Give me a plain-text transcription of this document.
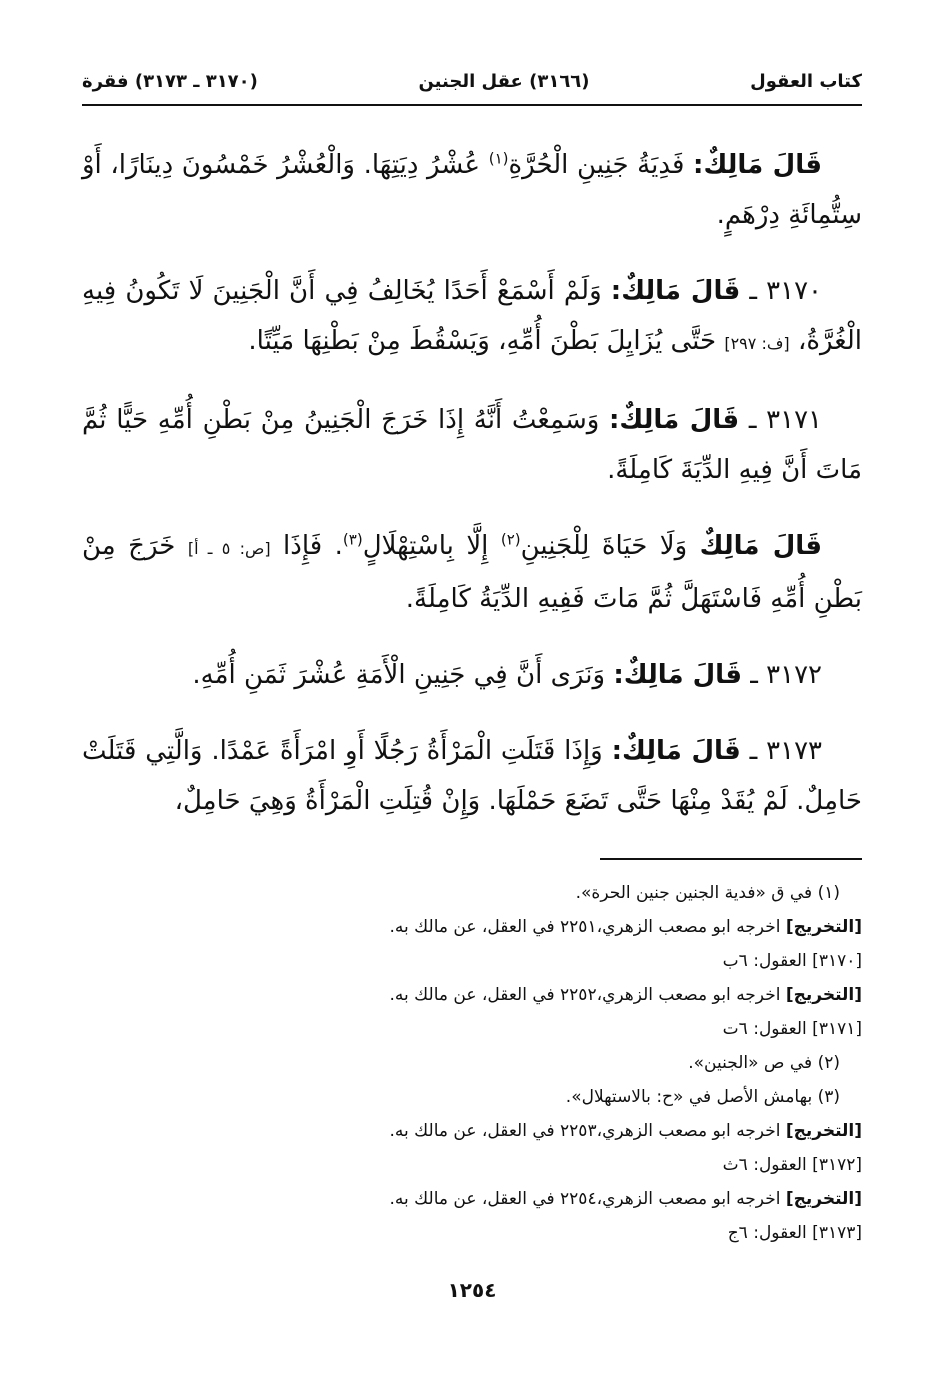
كتاب العقول
(٣١٦٦) عقل الجنين
(٣١٧٠ ـ ٣١٧٣) فقرة

قَالَ مَالِكٌ: فَدِيَةُ جَنِينِ الْحُرَّةِ$^{(١)}$ عُشْرُ دِيَتِهَا. وَالْعُشْرُ خَمْسُونَ دِينَارًا، أَوْ سِتُّمِائَةِ دِرْهَمٍ.

٣١٧٠ ـ قَالَ مَالِكٌ: وَلَمْ أَسْمَعْ أَحَدًا يُخَالِفُ فِي أَنَّ الْجَنِينَ لَا تَكُونُ فِيهِ الْغُرَّةُ، [ف: ٢٩٧] حَتَّى يُزَايِلَ بَطْنَ أُمِّهِ، وَيَسْقُطَ مِنْ بَطْنِهَا مَيِّتًا.

٣١٧١ ـ قَالَ مَالِكٌ: وَسَمِعْتُ أَنَّهُ إِذَا خَرَجَ الْجَنِينُ مِنْ بَطْنِ أُمِّهِ حَيًّا ثُمَّ مَاتَ أَنَّ فِيهِ الدِّيَةَ كَامِلَةً.

قَالَ مَالِكٌ وَلَا حَيَاةَ لِلْجَنِينِ$^{(٢)}$ إِلَّا بِاسْتِهْلَالٍ$^{(٣)}$. فَإِذَا [ص: ٥ ـ أ] خَرَجَ مِنْ بَطْنِ أُمِّهِ فَاسْتَهَلَّ ثُمَّ مَاتَ فَفِيهِ الدِّيَةُ كَامِلَةً.

٣١٧٢ ـ قَالَ مَالِكٌ: وَنَرَى أَنَّ فِي جَنِينِ الْأَمَةِ عُشْرَ ثَمَنِ أُمِّهِ.

٣١٧٣ ـ قَالَ مَالِكٌ: وَإِذَا قَتَلَتِ الْمَرْأَةُ رَجُلًا أَوِ امْرَأَةً عَمْدًا. وَالَّتِي قَتَلَتْ حَامِلٌ. لَمْ يُقَدْ مِنْهَا حَتَّى تَضَعَ حَمْلَهَا. وَإِنْ قُتِلَتِ الْمَرْأَةُ وَهِيَ حَامِلٌ،

(١) في ق «فدية الجنين جنين الحرة».
[التخريج] اخرجه ابو مصعب الزهري،٢٢٥١ في العقل، عن مالك به.
[٣١٧٠] العقول: ٦ب
[التخريج] اخرجه ابو مصعب الزهري،٢٢٥٢ في العقل، عن مالك به.
[٣١٧١] العقول: ٦ت
(٢) في ص «الجنين».
(٣) بهامش الأصل في «ح: بالاستهلال».
[التخريج] اخرجه ابو مصعب الزهري،٢٢٥٣ في العقل، عن مالك به.
[٣١٧٢] العقول: ٦ث
[التخريج] اخرجه ابو مصعب الزهري،٢٢٥٤ في العقل، عن مالك به.
[٣١٧٣] العقول: ٦ج
١٢٥٤
